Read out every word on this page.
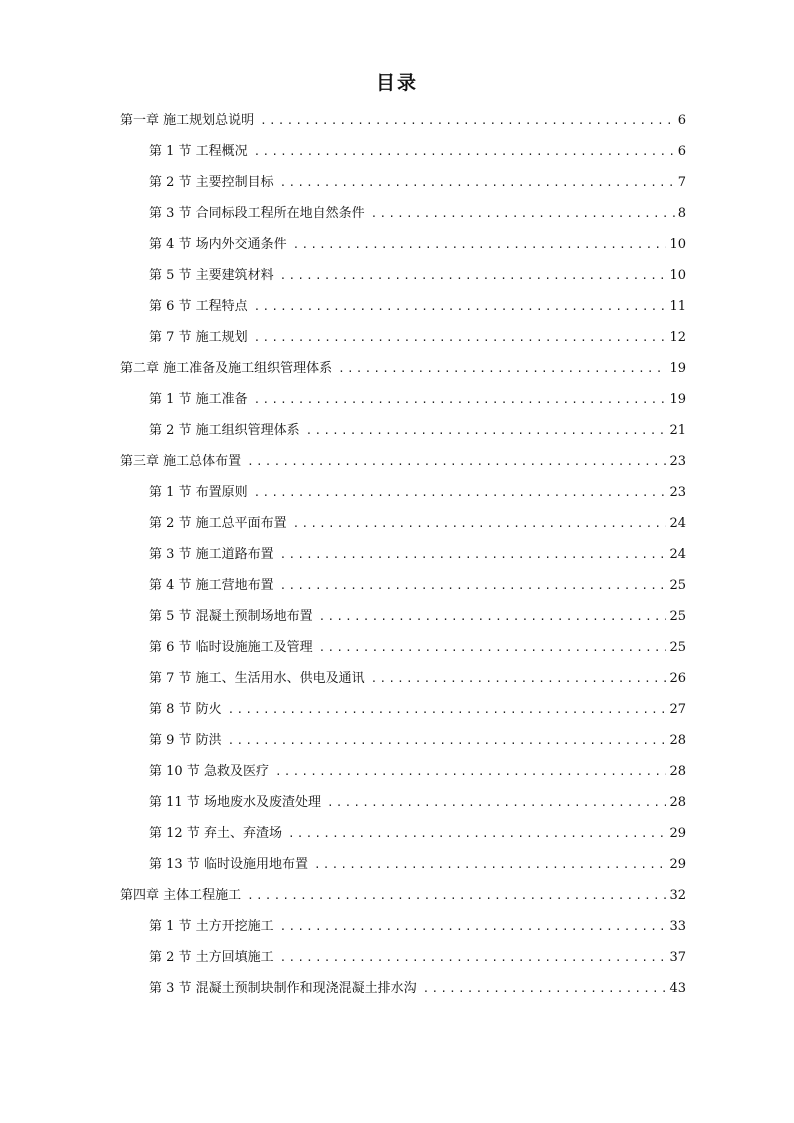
目录
第一章 施工规划总说明 .....	6
第 1 节 工程概况 .....	6
第 2 节 主要控制目标 .....	7
第 3 节 合同标段工程所在地自然条件 .....	8
第 4 节 场内外交通条件 .....	10
第 5 节 主要建筑材料 .....	10
第 6 节 工程特点 .....	11
第 7 节 施工规划 .....	12
第二章 施工准备及施工组织管理体系 .....	19
第 1 节 施工准备 .....	19
第 2 节 施工组织管理体系 .....	21
第三章 施工总体布置 .....	23
第 1 节 布置原则 .....	23
第 2 节 施工总平面布置 .....	24
第 3 节 施工道路布置 .....	24
第 4 节 施工营地布置 .....	25
第 5 节 混凝土预制场地布置 .....	25
第 6 节 临时设施施工及管理 .....	25
第 7 节 施工、生活用水、供电及通讯 .....	26
第 8 节 防火 .....	27
第 9 节 防洪 .....	28
第 10 节 急救及医疗 .....	28
第 11 节 场地废水及废渣处理 .....	28
第 12 节 弃土、弃渣场 .....	29
第 13 节 临时设施用地布置 .....	29
第四章 主体工程施工 .....	32
第 1 节 土方开挖施工 .....	33
第 2 节 土方回填施工 .....	37
第 3 节 混凝土预制块制作和现浇混凝土排水沟 .....	43
